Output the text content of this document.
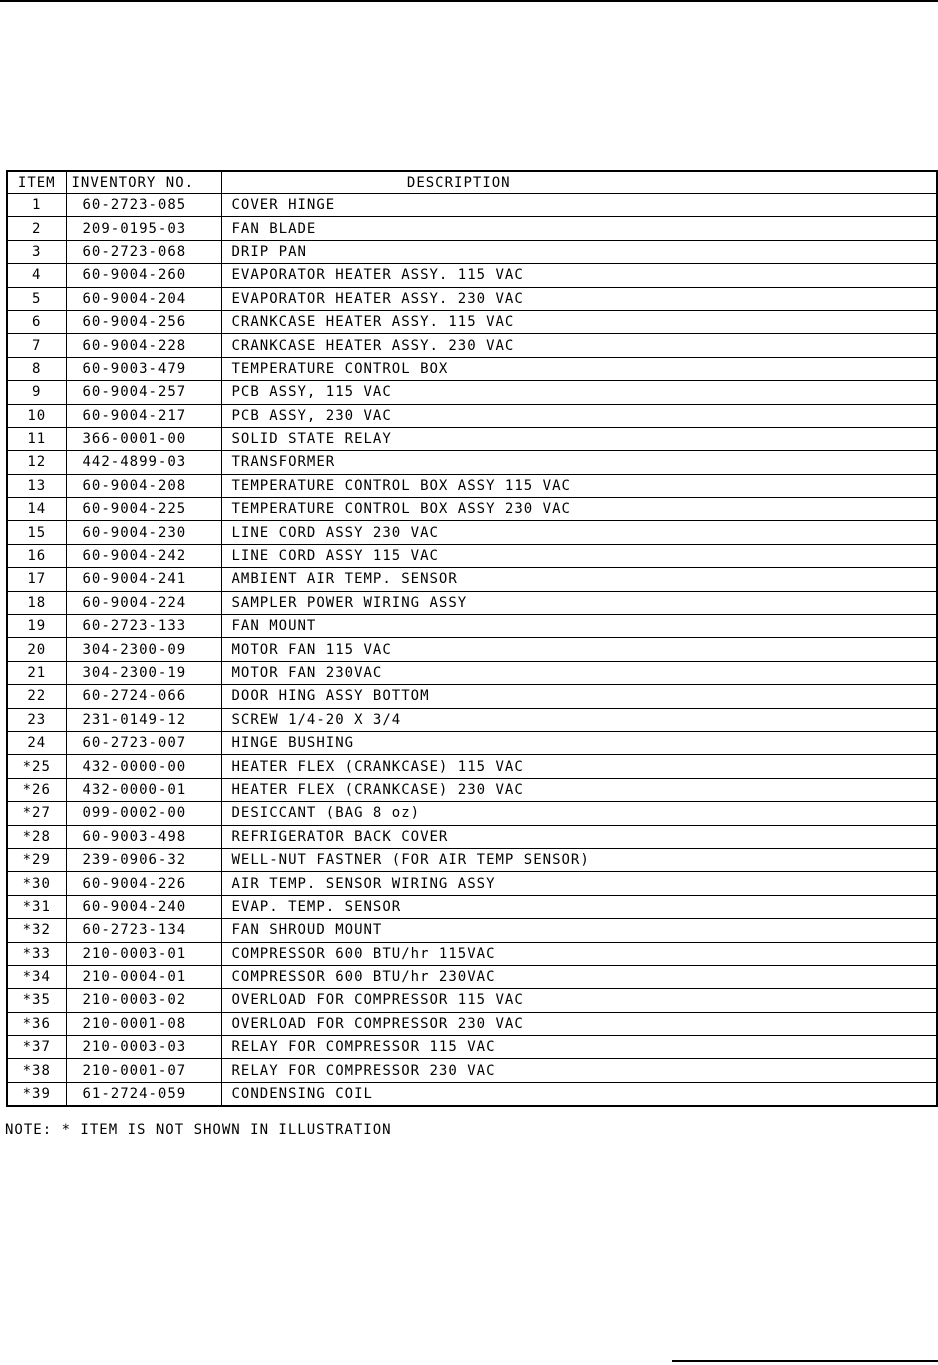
ITEM	INVENTORY NO.	DESCRIPTION
1	60-2723-085	COVER HINGE
2	209-0195-03	FAN BLADE
3	60-2723-068	DRIP PAN
4	60-9004-260	EVAPORATOR HEATER ASSY. 115 VAC
5	60-9004-204	EVAPORATOR HEATER ASSY. 230 VAC
6	60-9004-256	CRANKCASE HEATER ASSY. 115 VAC
7	60-9004-228	CRANKCASE HEATER ASSY. 230 VAC
8	60-9003-479	TEMPERATURE CONTROL BOX
9	60-9004-257	PCB ASSY, 115 VAC
10	60-9004-217	PCB ASSY, 230 VAC
11	366-0001-00	SOLID STATE RELAY
12	442-4899-03	TRANSFORMER
13	60-9004-208	TEMPERATURE CONTROL BOX ASSY 115 VAC
14	60-9004-225	TEMPERATURE CONTROL BOX ASSY 230 VAC
15	60-9004-230	LINE CORD ASSY 230 VAC
16	60-9004-242	LINE CORD ASSY 115 VAC
17	60-9004-241	AMBIENT AIR TEMP. SENSOR
18	60-9004-224	SAMPLER POWER WIRING ASSY
19	60-2723-133	FAN MOUNT
20	304-2300-09	MOTOR FAN 115 VAC
21	304-2300-19	MOTOR FAN 230VAC
22	60-2724-066	DOOR HING ASSY BOTTOM
23	231-0149-12	SCREW 1/4-20 X 3/4
24	60-2723-007	HINGE BUSHING
*25	432-0000-00	HEATER FLEX (CRANKCASE) 115 VAC
*26	432-0000-01	HEATER FLEX (CRANKCASE) 230 VAC
*27	099-0002-00	DESICCANT (BAG 8 oz)
*28	60-9003-498	REFRIGERATOR BACK COVER
*29	239-0906-32	WELL-NUT FASTNER (FOR AIR TEMP SENSOR)
*30	60-9004-226	AIR TEMP. SENSOR WIRING ASSY
*31	60-9004-240	EVAP. TEMP. SENSOR
*32	60-2723-134	FAN SHROUD MOUNT
*33	210-0003-01	COMPRESSOR 600 BTU/hr 115VAC
*34	210-0004-01	COMPRESSOR 600 BTU/hr 230VAC
*35	210-0003-02	OVERLOAD FOR COMPRESSOR 115 VAC
*36	210-0001-08	OVERLOAD FOR COMPRESSOR 230 VAC
*37	210-0003-03	RELAY FOR COMPRESSOR 115 VAC
*38	210-0001-07	RELAY FOR COMPRESSOR 230 VAC
*39	61-2724-059	CONDENSING COIL
NOTE: * ITEM IS NOT SHOWN IN ILLUSTRATION
